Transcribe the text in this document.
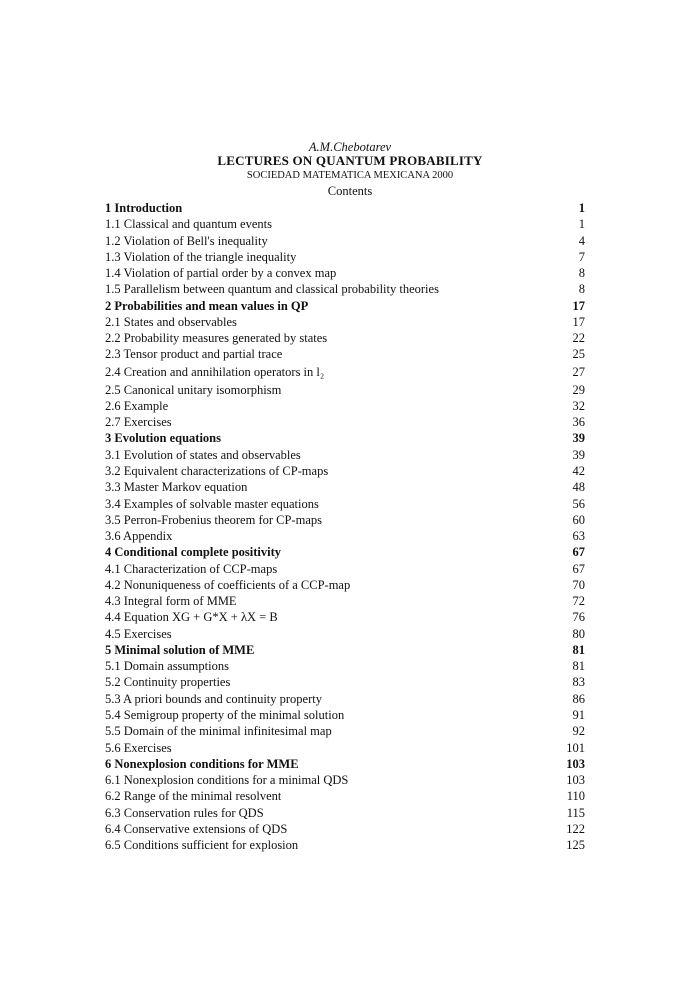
A.M.Chebotarev
LECTURES ON QUANTUM PROBABILITY
SOCIEDAD MATEMATICA MEXICANA 2000
Contents
1 Introduction	1
1.1 Classical and quantum events	1
1.2 Violation of Bell's inequality	4
1.3 Violation of the triangle inequality	7
1.4 Violation of partial order by a convex map	8
1.5 Parallelism between quantum and classical probability theories	8
2 Probabilities and mean values in QP	17
2.1 States and observables	17
2.2 Probability measures generated by states	22
2.3 Tensor product and partial trace	25
2.4 Creation and annihilation operators in l₂	27
2.5 Canonical unitary isomorphism	29
2.6 Example	32
2.7 Exercises	36
3 Evolution equations	39
3.1 Evolution of states and observables	39
3.2 Equivalent characterizations of CP-maps	42
3.3 Master Markov equation	48
3.4 Examples of solvable master equations	56
3.5 Perron-Frobenius theorem for CP-maps	60
3.6 Appendix	63
4 Conditional complete positivity	67
4.1 Characterization of CCP-maps	67
4.2 Nonuniqueness of coefficients of a CCP-map	70
4.3 Integral form of MME	72
4.4 Equation XG + G*X + λX = B	76
4.5 Exercises	80
5 Minimal solution of MME	81
5.1 Domain assumptions	81
5.2 Continuity properties	83
5.3 A priori bounds and continuity property	86
5.4 Semigroup property of the minimal solution	91
5.5 Domain of the minimal infinitesimal map	92
5.6 Exercises	101
6 Nonexplosion conditions for MME	103
6.1 Nonexplosion conditions for a minimal QDS	103
6.2 Range of the minimal resolvent	110
6.3 Conservation rules for QDS	115
6.4 Conservative extensions of QDS	122
6.5 Conditions sufficient for explosion	125
